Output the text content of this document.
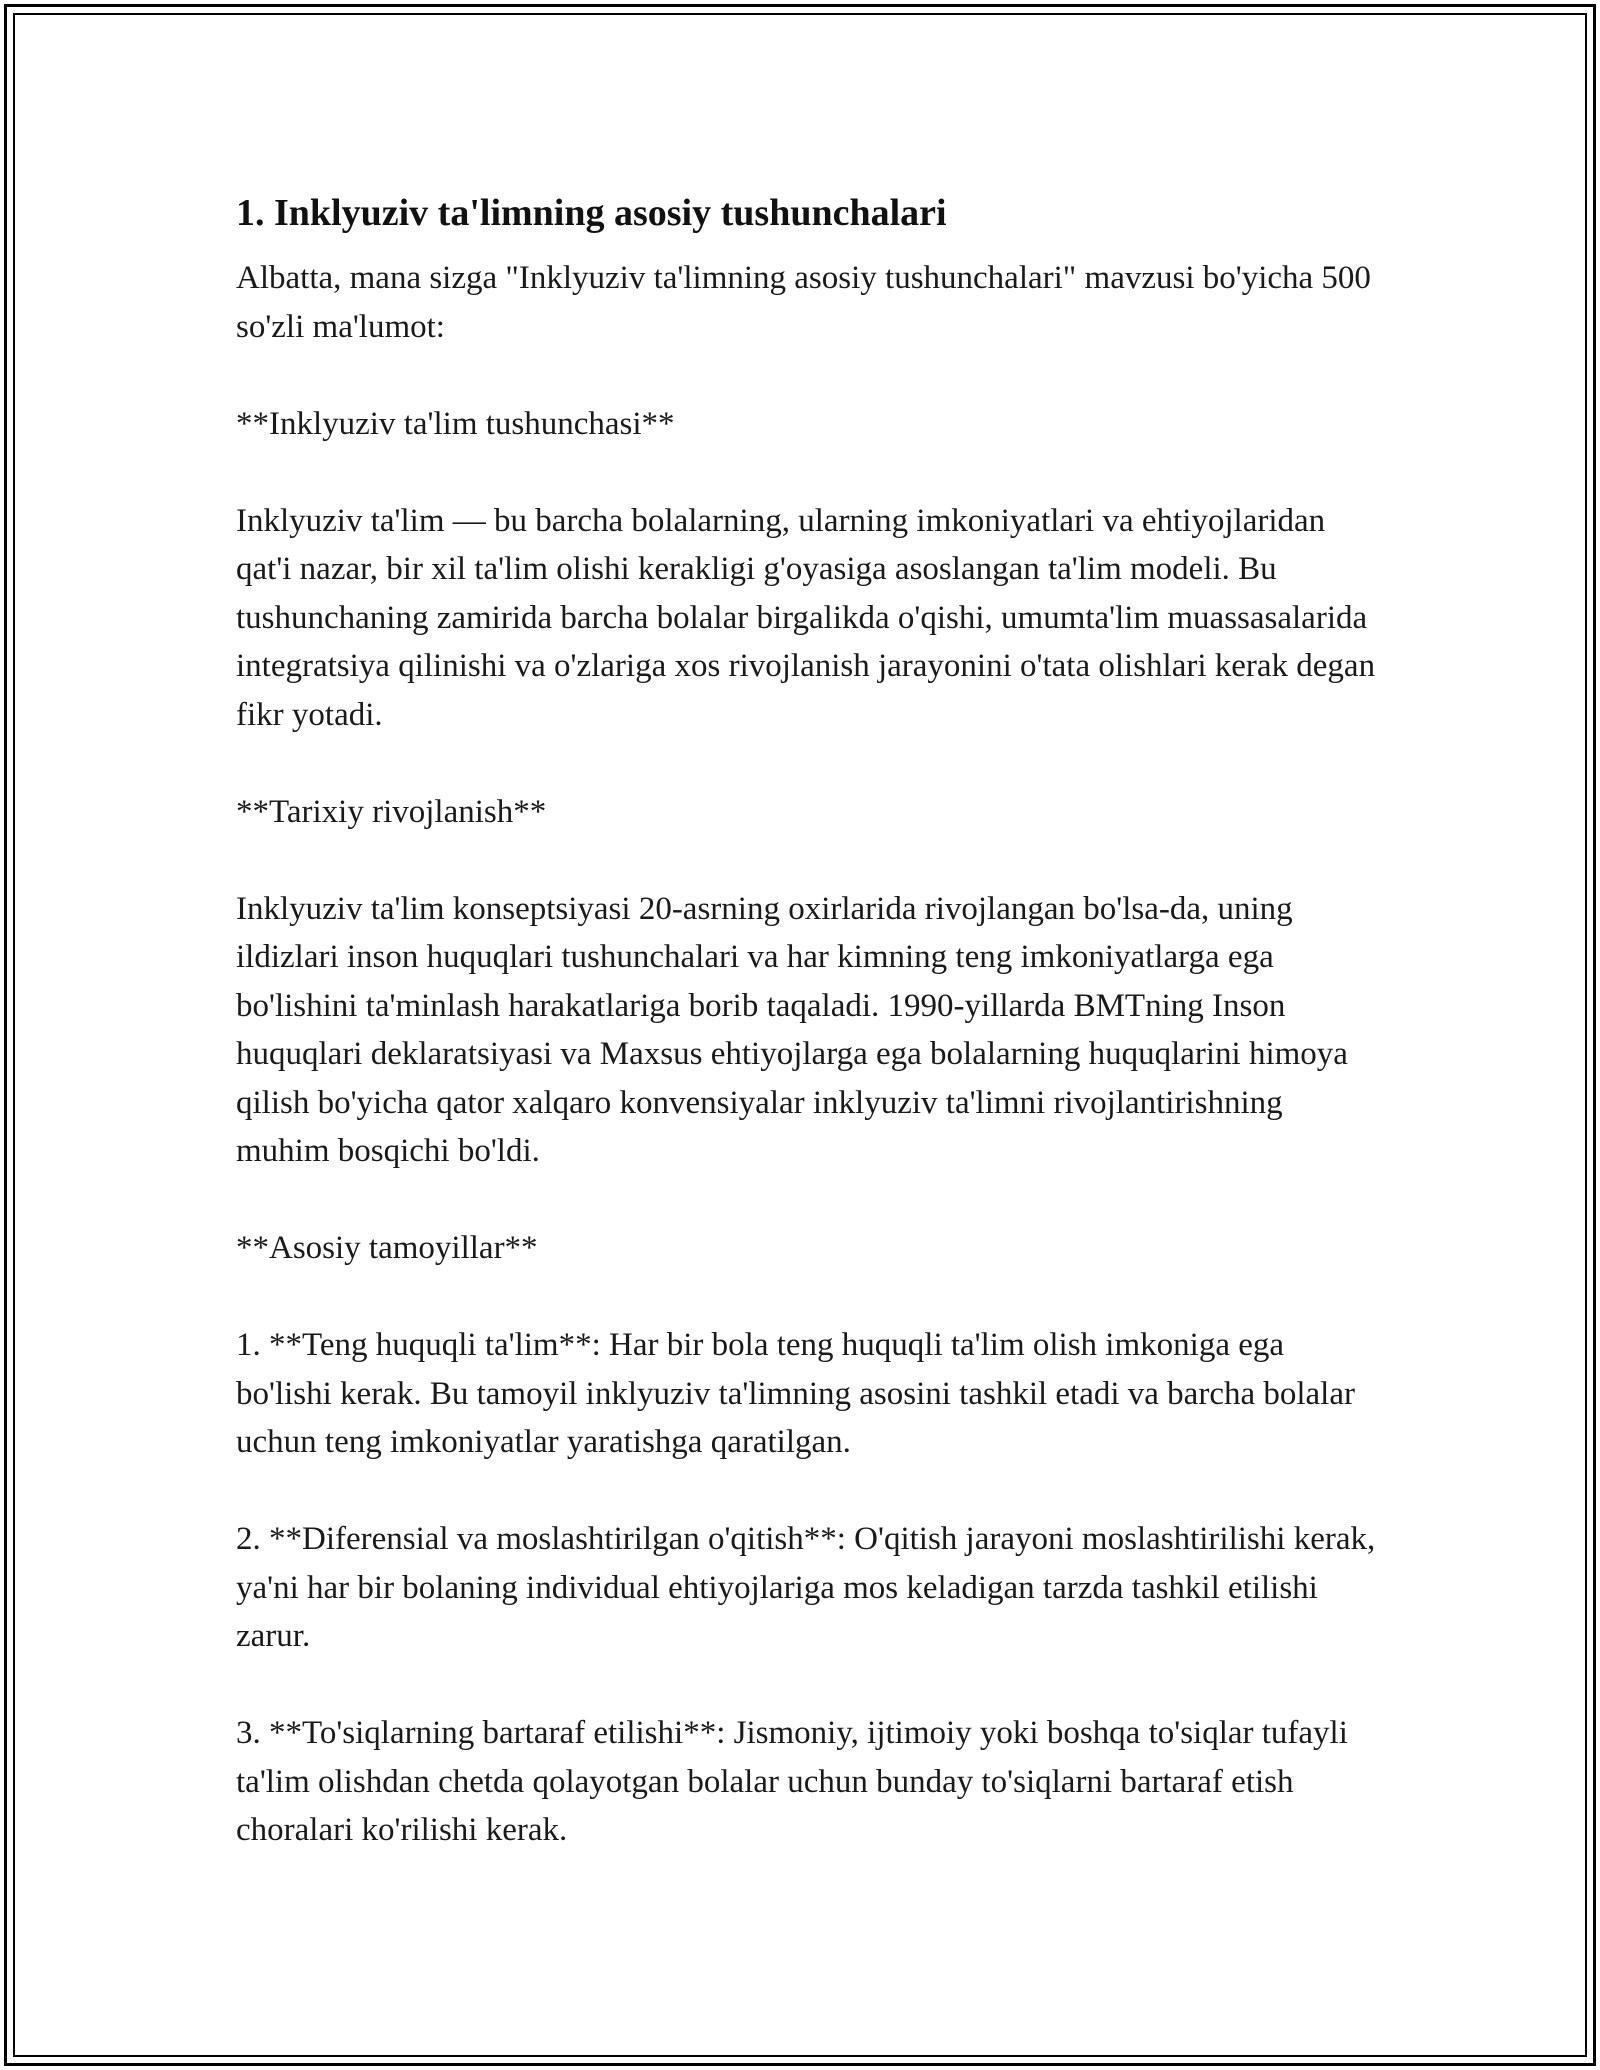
1. Inklyuziv ta'limning asosiy tushunchalari

Albatta, mana sizga "Inklyuziv ta'limning asosiy tushunchalari" mavzusi bo'yicha 500 so'zli ma'lumot:

**Inklyuziv ta'lim tushunchasi**

Inklyuziv ta'lim — bu barcha bolalarning, ularning imkoniyatlari va ehtiyojlaridan qat'i nazar, bir xil ta'lim olishi kerakligi g'oyasiga asoslangan ta'lim modeli. Bu tushunchaning zamirida barcha bolalar birgalikda o'qishi, umumta'lim muassasalarida integratsiya qilinishi va o'zlariga xos rivojlanish jarayonini o'tata olishlari kerak degan fikr yotadi.

**Tarixiy rivojlanish**

Inklyuziv ta'lim konseptsiyasi 20-asrning oxirlarida rivojlangan bo'lsa-da, uning ildizlari inson huquqlari tushunchalari va har kimning teng imkoniyatlarga ega bo'lishini ta'minlash harakatlariga borib taqaladi. 1990-yillarda BMTning Inson huquqlari deklaratsiyasi va Maxsus ehtiyojlarga ega bolalarning huquqlarini himoya qilish bo'yicha qator xalqaro konvensiyalar inklyuziv ta'limni rivojlantirishning muhim bosqichi bo'ldi.

**Asosiy tamoyillar**

1. **Teng huquqli ta'lim**: Har bir bola teng huquqli ta'lim olish imkoniga ega bo'lishi kerak. Bu tamoyil inklyuziv ta'limning asosini tashkil etadi va barcha bolalar uchun teng imkoniyatlar yaratishga qaratilgan.

2. **Diferensial va moslashtirilgan o'qitish**: O'qitish jarayoni moslashtirilishi kerak, ya'ni har bir bolaning individual ehtiyojlariga mos keladigan tarzda tashkil etilishi zarur.

3. **To'siqlarning bartaraf etilishi**: Jismoniy, ijtimoiy yoki boshqa to'siqlar tufayli ta'lim olishdan chetda qolayotgan bolalar uchun bunday to'siqlarni bartaraf etish choralari ko'rilishi kerak.
